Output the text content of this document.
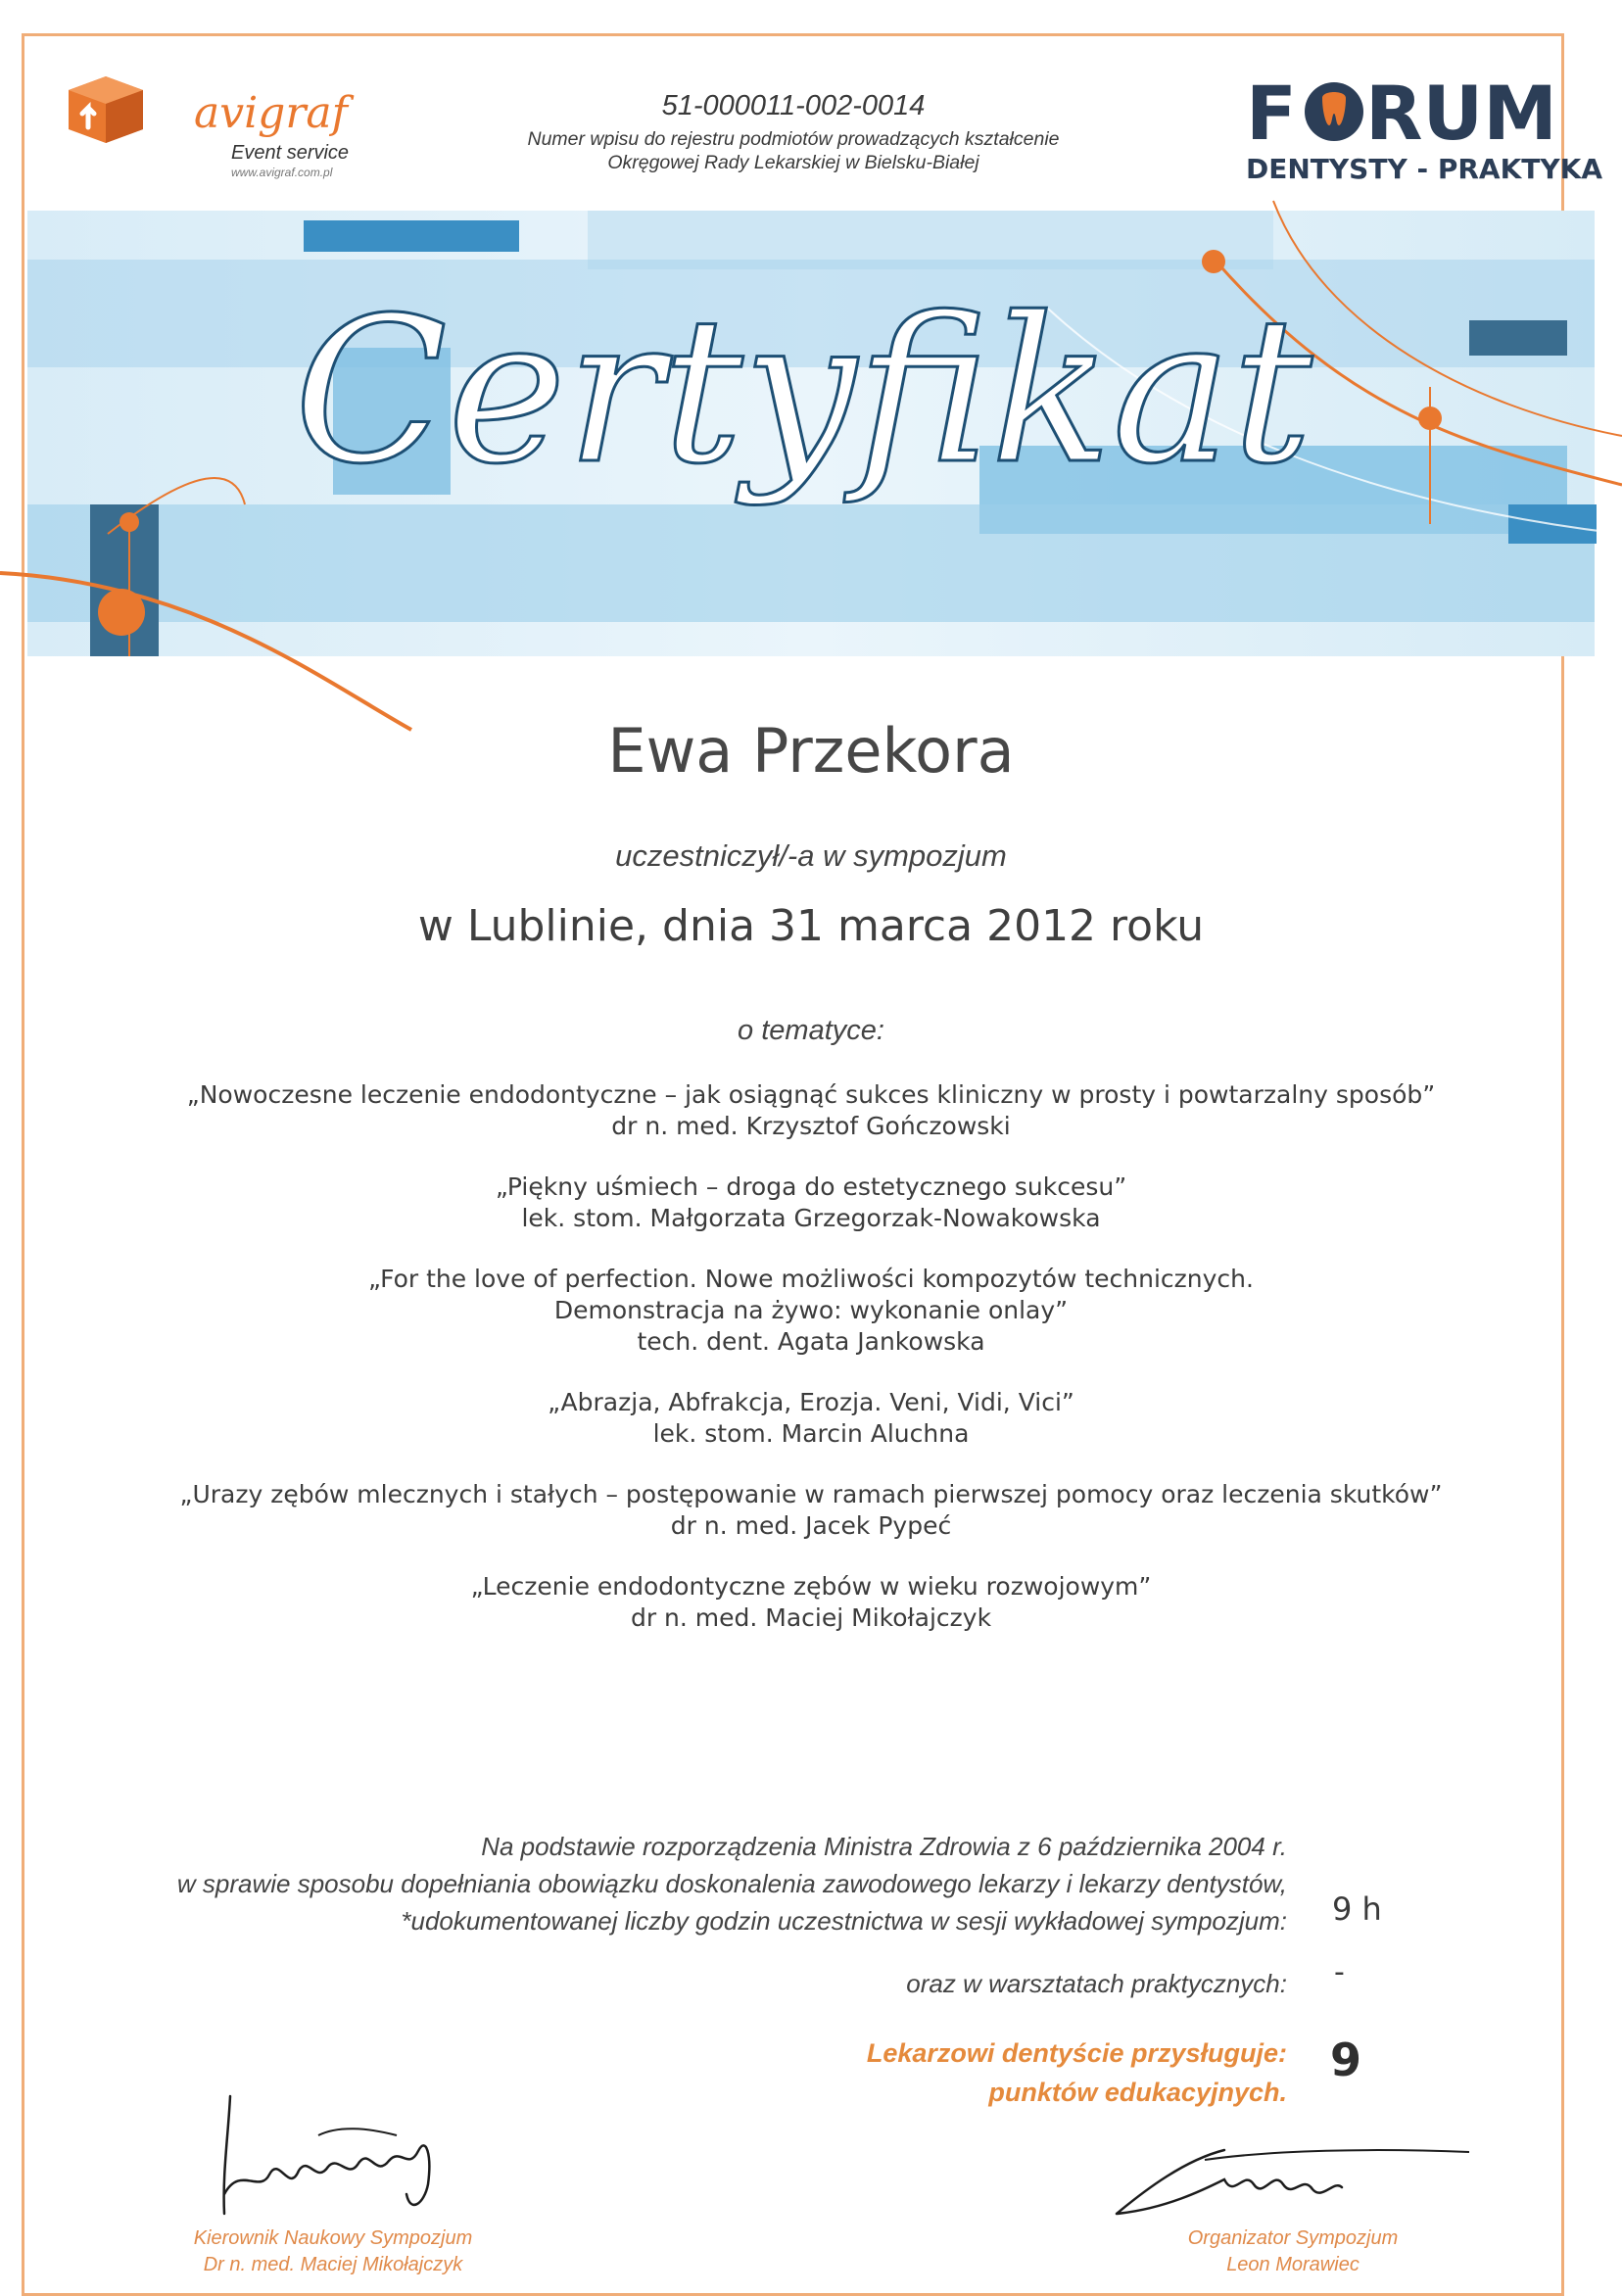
avigraf
Event service
www.avigraf.com.pl
51-000011-002-0014
Numer wpisu do rejestru podmiotów prowadzących kształcenie
Okręgowej Rady Lekarskiej w Bielsku-Białej
F RUM
DENTYSTY - PRAKTYKA
Certyfikat
Ewa Przekora
uczestniczył/-a w sympozjum
w Lublinie, dnia 31 marca 2012 roku
o tematyce:
„Nowoczesne leczenie endodontyczne – jak osiągnąć sukces kliniczny w prosty i powtarzalny sposób”
dr n. med. Krzysztof Gończowski
„Piękny uśmiech – droga do estetycznego sukcesu”
lek. stom. Małgorzata Grzegorzak-Nowakowska
„For the love of perfection. Nowe możliwości kompozytów technicznych.
Demonstracja na żywo: wykonanie onlay”
tech. dent. Agata Jankowska
„Abrazja, Abfrakcja, Erozja. Veni, Vidi, Vici”
lek. stom. Marcin Aluchna
„Urazy zębów mlecznych i stałych – postępowanie w ramach pierwszej pomocy oraz leczenia skutków”
dr n. med. Jacek Pypeć
„Leczenie endodontyczne zębów w wieku rozwojowym”
dr n. med. Maciej Mikołajczyk
Na podstawie rozporządzenia Ministra Zdrowia z 6 października 2004 r.
w sprawie sposobu dopełniania obowiązku doskonalenia zawodowego lekarzy i lekarzy dentystów,
*udokumentowanej liczby godzin uczestnictwa w sesji wykładowej sympozjum: 9 h
oraz w warsztatach praktycznych: -
Lekarzowi dentyście przysługuje:
punktów edukacyjnych.
9
Kierownik Naukowy Sympozjum
Dr n. med. Maciej Mikołajczyk
Organizator Sympozjum
Leon Morawiec
